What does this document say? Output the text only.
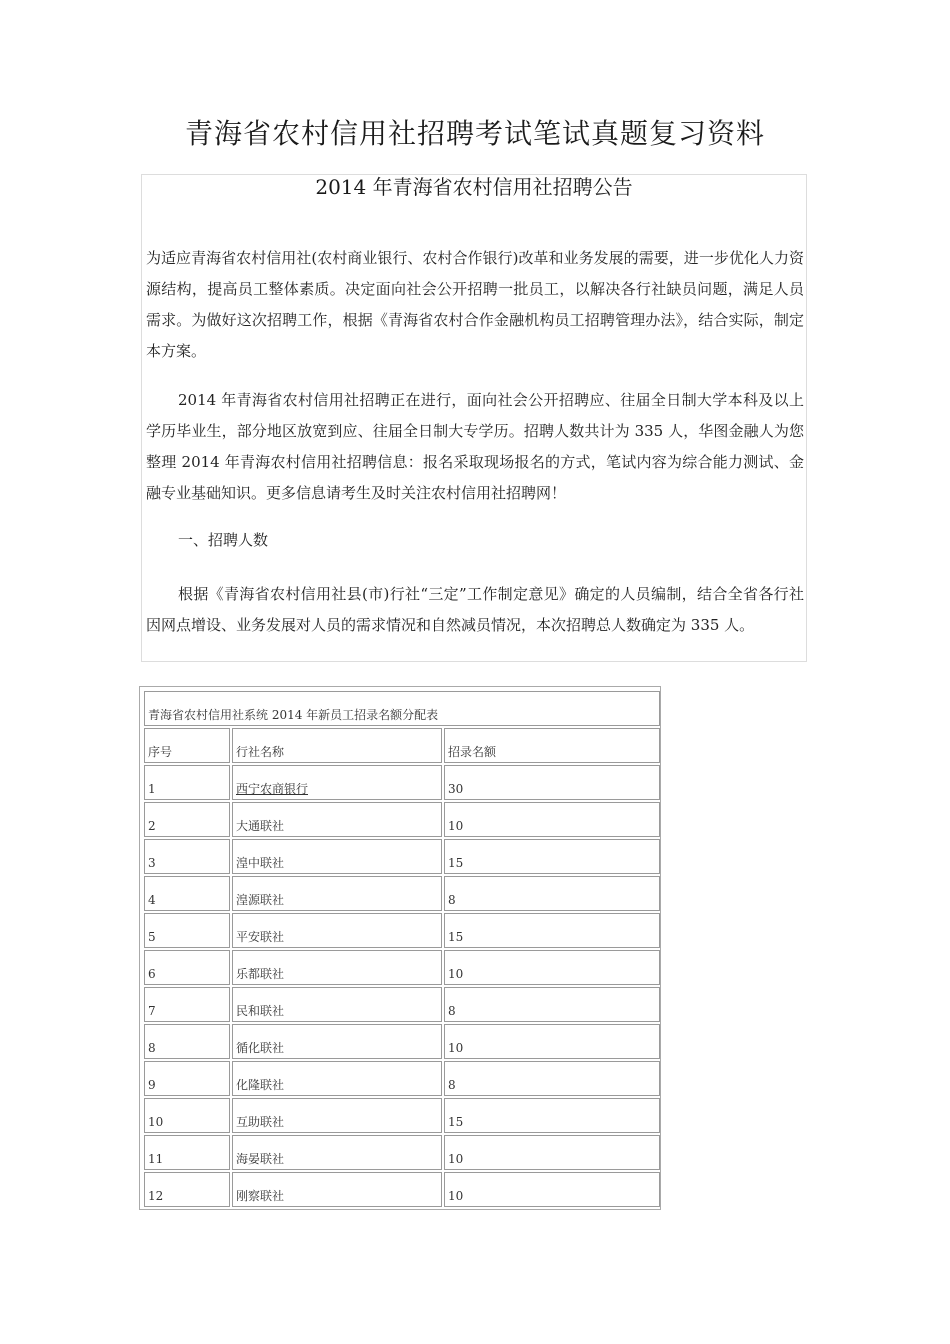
青海省农村信用社招聘考试笔试真题复习资料
2014 年青海省农村信用社招聘公告

为适应青海省农村信用社(农村商业银行、农村合作银行)改革和业务发展的需要，进一步优化人力资源结构，提高员工整体素质。决定面向社会公开招聘一批员工，以解决各行社缺员问题，满足人员需求。为做好这次招聘工作，根据《青海省农村合作金融机构员工招聘管理办法》，结合实际，制定本方案。

2014 年青海省农村信用社招聘正在进行，面向社会公开招聘应、往届全日制大学本科及以上学历毕业生，部分地区放宽到应、往届全日制大专学历。招聘人数共计为 335 人，华图金融人为您整理 2014 年青海农村信用社招聘信息：报名采取现场报名的方式，笔试内容为综合能力测试、金融专业基础知识。更多信息请考生及时关注农村信用社招聘网！

一、招聘人数

根据《青海省农村信用社县(市)行社“三定”工作制定意见》确定的人员编制，结合全省各行社因网点增设、业务发展对人员的需求情况和自然减员情况，本次招聘总人数确定为 335 人。

青海省农村信用社系统 2014 年新员工招录名额分配表		

序号	行社名称	招录名额

1	西宁农商银行	30

2	大通联社	10

3	湟中联社	15

4	湟源联社	8

5	平安联社	15

6	乐都联社	10

7	民和联社	8

8	循化联社	10

9	化隆联社	8

10	互助联社	15

11	海晏联社	10

12	刚察联社	10
